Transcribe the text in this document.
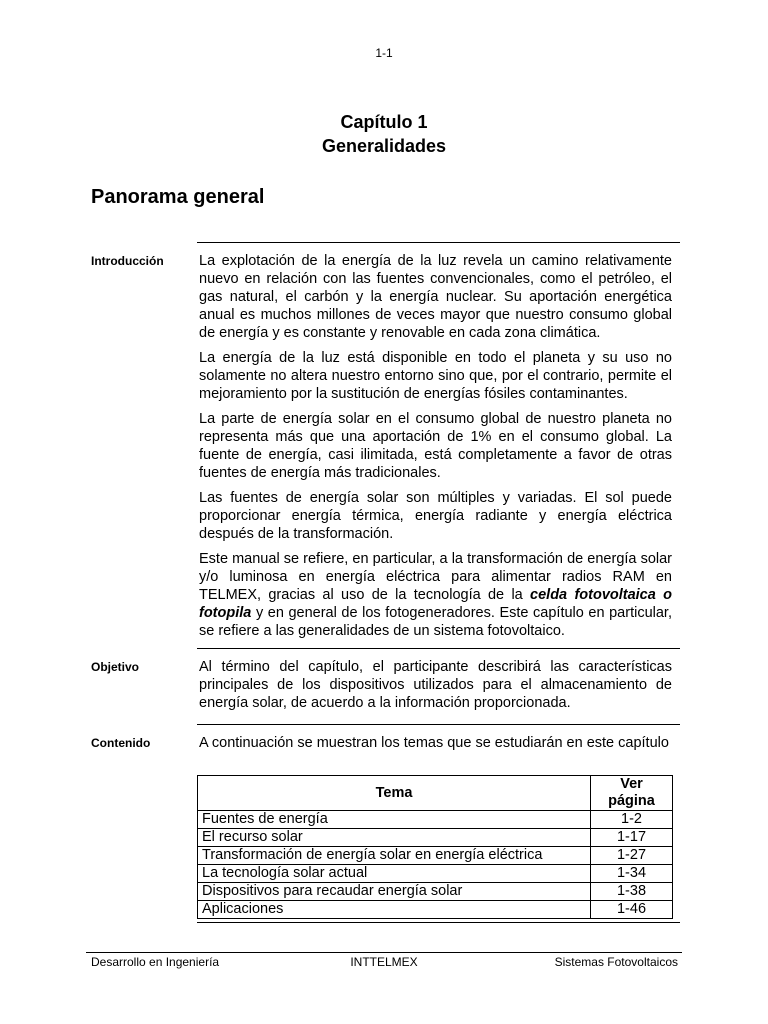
1-1
Capítulo 1
Generalidades
Panorama general
Introducción La explotación de la energía de la luz revela un camino relativamente nuevo en relación con las fuentes convencionales, como el petróleo, el gas natural, el carbón y la energía nuclear. Su aportación energética anual es muchos millones de veces mayor que nuestro consumo global de energía y es constante y renovable en cada zona climática.

La energía de la luz está disponible en todo el planeta y su uso no solamente no altera nuestro entorno sino que, por el contrario, permite el mejoramiento por la sustitución de energías fósiles contaminantes.

La parte de energía solar en el consumo global de nuestro planeta no representa más que una aportación de 1% en el consumo global. La fuente de energía, casi ilimitada, está completamente a favor de otras fuentes de energía más tradicionales.

Las fuentes de energía solar son múltiples y variadas. El sol puede proporcionar energía térmica, energía radiante y energía eléctrica después de la transformación.

Este manual se refiere, en particular, a la transformación de energía solar y/o luminosa en energía eléctrica para alimentar radios RAM en TELMEX, gracias al uso de la tecnología de la celda fotovoltaica o fotopila y en general de los fotogeneradores. Este capítulo en particular, se refiere a las generalidades de un sistema fotovoltaico.

Objetivo	Al término del capítulo, el participante describirá las características principales de los dispositivos utilizados para el almacenamiento de energía solar, de acuerdo a la información proporcionada.
Contenido	A continuación se muestran los temas que se estudiarán en este capítulo
Tema	Ver página
Fuentes de energía	1-2
El recurso solar	1-17
Transformación de energía solar en energía eléctrica	1-27
La tecnología solar actual	1-34
Dispositivos para recaudar energía solar	1-38
Aplicaciones	1-46
Desarrollo en Ingeniería	INTTELMEX	Sistemas Fotovoltaicos
